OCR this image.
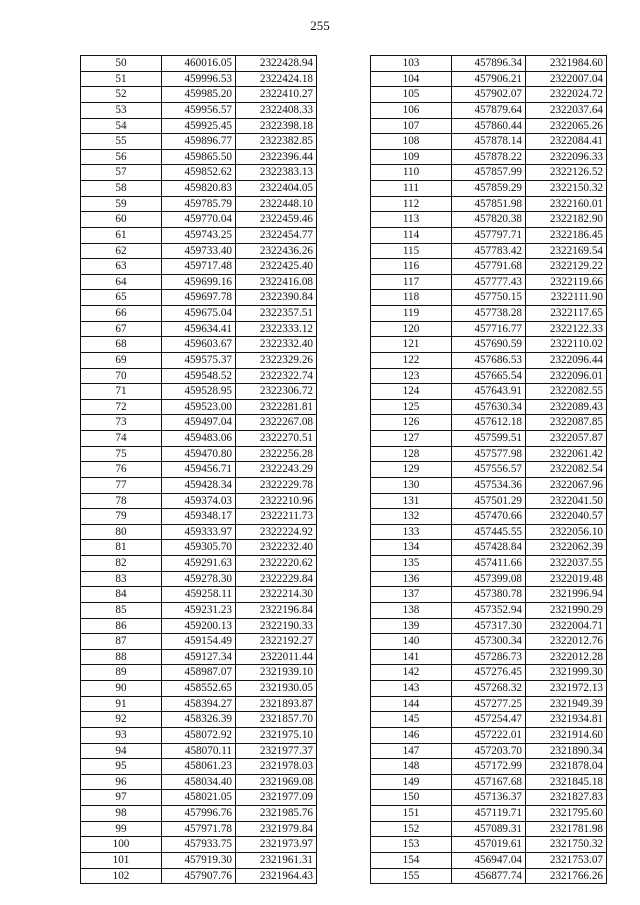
255
50	460016.05	2322428.94
51	459996.53	2322424.18
52	459985.20	2322410.27
53	459956.57	2322408.33
54	459925.45	2322398.18
55	459896.77	2322382.85
56	459865.50	2322396.44
57	459852.62	2322383.13
58	459820.83	2322404.05
59	459785.79	2322448.10
60	459770.04	2322459.46
61	459743.25	2322454.77
62	459733.40	2322436.26
63	459717.48	2322425.40
64	459699.16	2322416.08
65	459697.78	2322390.84
66	459675.04	2322357.51
67	459634.41	2322333.12
68	459603.67	2322332.40
69	459575.37	2322329.26
70	459548.52	2322322.74
71	459528.95	2322306.72
72	459523.00	2322281.81
73	459497.04	2322267.08
74	459483.06	2322270.51
75	459470.80	2322256.28
76	459456.71	2322243.29
77	459428.34	2322229.78
78	459374.03	2322210.96
79	459348.17	2322211.73
80	459333.97	2322224.92
81	459305.70	2322232.40
82	459291.63	2322220.62
83	459278.30	2322229.84
84	459258.11	2322214.30
85	459231.23	2322196.84
86	459200.13	2322190.33
87	459154.49	2322192.27
88	459127.34	2322011.44
89	458987.07	2321939.10
90	458552.65	2321930.05
91	458394.27	2321893.87
92	458326.39	2321857.70
93	458072.92	2321975.10
94	458070.11	2321977.37
95	458061.23	2321978.03
96	458034.40	2321969.08
97	458021.05	2321977.09
98	457996.76	2321985.76
99	457971.78	2321979.84
100	457933.75	2321973.97
101	457919.30	2321961.31
102	457907.76	2321964.43
103	457896.34	2321984.60
104	457906.21	2322007.04
105	457902.07	2322024.72
106	457879.64	2322037.64
107	457860.44	2322065.26
108	457878.14	2322084.41
109	457878.22	2322096.33
110	457857.99	2322126.52
111	457859.29	2322150.32
112	457851.98	2322160.01
113	457820.38	2322182.90
114	457797.71	2322186.45
115	457783.42	2322169.54
116	457791.68	2322129.22
117	457777.43	2322119.66
118	457750.15	2322111.90
119	457738.28	2322117.65
120	457716.77	2322122.33
121	457690.59	2322110.02
122	457686.53	2322096.44
123	457665.54	2322096.01
124	457643.91	2322082.55
125	457630.34	2322089.43
126	457612.18	2322087.85
127	457599.51	2322057.87
128	457577.98	2322061.42
129	457556.57	2322082.54
130	457534.36	2322067.96
131	457501.29	2322041.50
132	457470.66	2322040.57
133	457445.55	2322056.10
134	457428.84	2322062.39
135	457411.66	2322037.55
136	457399.08	2322019.48
137	457380.78	2321996.94
138	457352.94	2321990.29
139	457317.30	2322004.71
140	457300.34	2322012.76
141	457286.73	2322012.28
142	457276.45	2321999.30
143	457268.32	2321972.13
144	457277.25	2321949.39
145	457254.47	2321934.81
146	457222.01	2321914.60
147	457203.70	2321890.34
148	457172.99	2321878.04
149	457167.68	2321845.18
150	457136.37	2321827.83
151	457119.71	2321795.60
152	457089.31	2321781.98
153	457019.61	2321750.32
154	456947.04	2321753.07
155	456877.74	2321766.26
